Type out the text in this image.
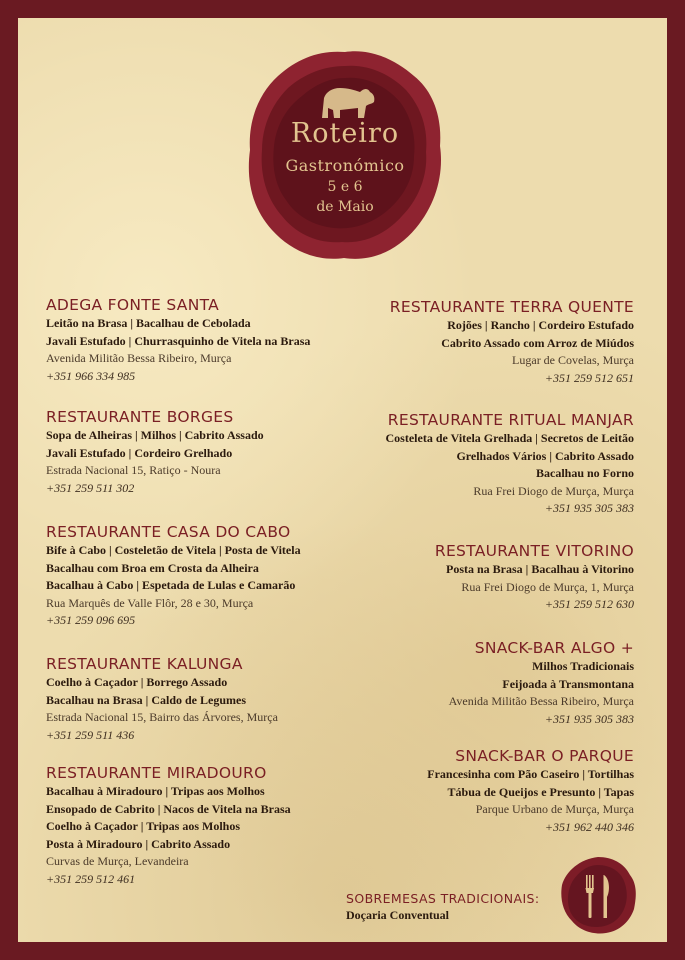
Roteiro
Gastronómico
5 e 6
de Maio
ADEGA FONTE SANTA
Leitão na Brasa | Bacalhau de Cebolada
Javali Estufado | Churrasquinho de Vitela na Brasa
Avenida Militão Bessa Ribeiro, Murça
+351 966 334 985
RESTAURANTE BORGES
Sopa de Alheiras | Milhos | Cabrito Assado
Javali Estufado | Cordeiro Grelhado
Estrada Nacional 15, Ratiço - Noura
+351 259 511 302
RESTAURANTE CASA DO CABO
Bife à Cabo | Costeletão de Vitela | Posta de Vitela
Bacalhau com Broa em Crosta da Alheira
Bacalhau à Cabo | Espetada de Lulas e Camarão
Rua Marquês de Valle Flôr, 28 e 30, Murça
+351 259 096 695
RESTAURANTE KALUNGA
Coelho à Caçador | Borrego Assado
Bacalhau na Brasa | Caldo de Legumes
Estrada Nacional 15, Bairro das Árvores, Murça
+351 259 511 436
RESTAURANTE MIRADOURO
Bacalhau à Miradouro | Tripas aos Molhos
Ensopado de Cabrito | Nacos de Vitela na Brasa
Coelho à Caçador | Tripas aos Molhos
Posta à Miradouro | Cabrito Assado
Curvas de Murça, Levandeira
+351 259 512 461
RESTAURANTE TERRA QUENTE
Rojões | Rancho | Cordeiro Estufado
Cabrito Assado com Arroz de Miúdos
Lugar de Covelas, Murça
+351 259 512 651
RESTAURANTE RITUAL MANJAR
Costeleta de Vitela Grelhada | Secretos de Leitão
Grelhados Vários | Cabrito Assado
Bacalhau no Forno
Rua Frei Diogo de Murça, Murça
+351 935 305 383
RESTAURANTE VITORINO
Posta na Brasa | Bacalhau à Vitorino
Rua Frei Diogo de Murça, 1, Murça
+351 259 512 630
SNACK-BAR ALGO +
Milhos Tradicionais
Feijoada à Transmontana
Avenida Militão Bessa Ribeiro, Murça
+351 935 305 383
SNACK-BAR O PARQUE
Francesinha com Pão Caseiro | Tortilhas
Tábua de Queijos e Presunto | Tapas
Parque Urbano de Murça, Murça
+351 962 440 346
SOBREMESAS TRADICIONAIS:
Doçaria Conventual
